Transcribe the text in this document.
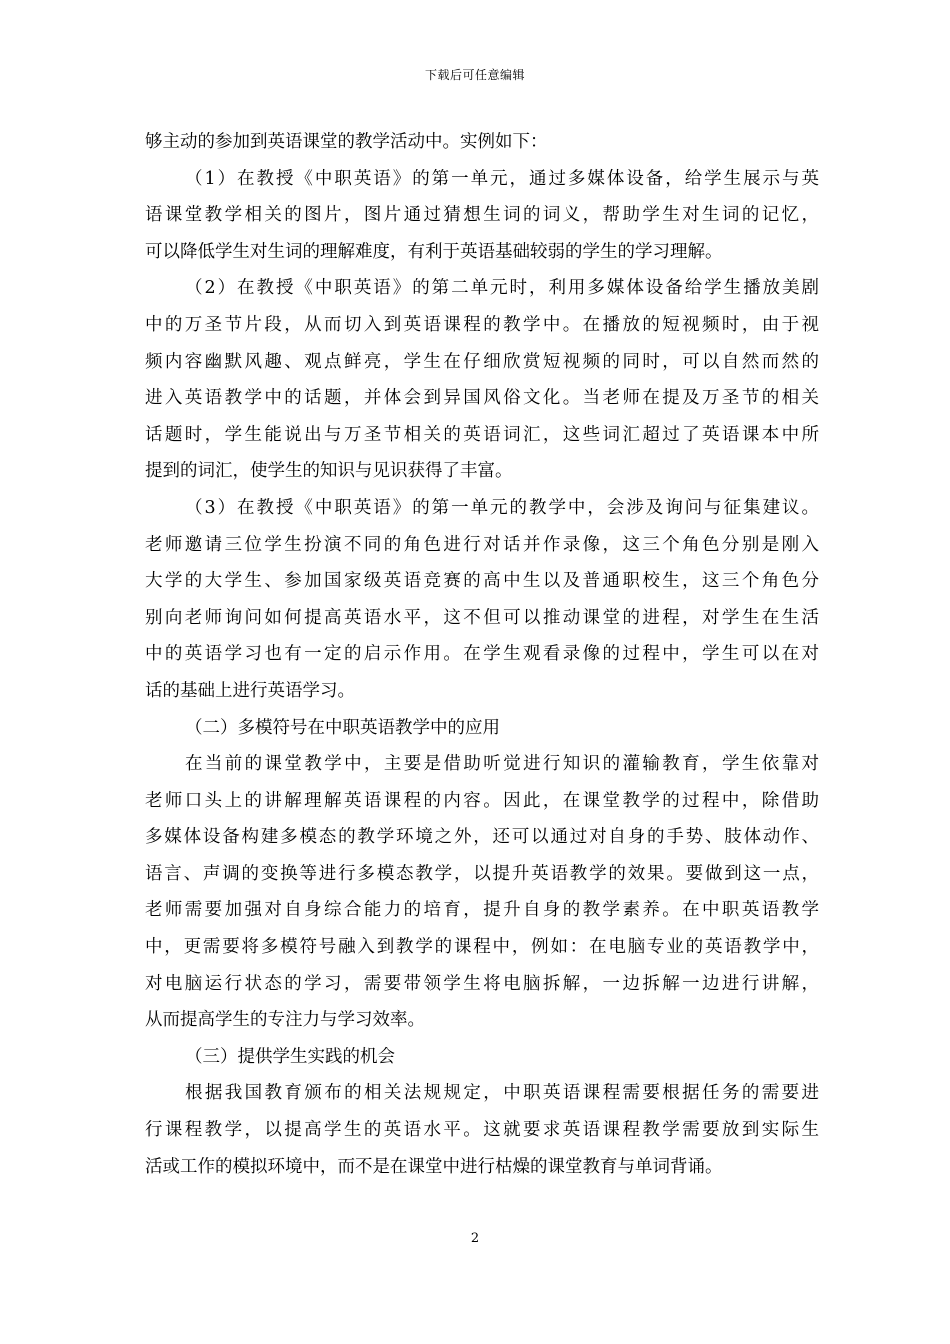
下载后可任意编辑
够主动的参加到英语课堂的教学活动中。实例如下：
（1）在教授《中职英语》的第一单元，通过多媒体设备，给学生展示与英
语课堂教学相关的图片，图片通过猜想生词的词义，帮助学生对生词的记忆，
可以降低学生对生词的理解难度，有利于英语基础较弱的学生的学习理解。
（2）在教授《中职英语》的第二单元时，利用多媒体设备给学生播放美剧
中的万圣节片段，从而切入到英语课程的教学中。在播放的短视频时，由于视
频内容幽默风趣、观点鲜亮，学生在仔细欣赏短视频的同时，可以自然而然的
进入英语教学中的话题，并体会到异国风俗文化。当老师在提及万圣节的相关
话题时，学生能说出与万圣节相关的英语词汇，这些词汇超过了英语课本中所
提到的词汇，使学生的知识与见识获得了丰富。
（3）在教授《中职英语》的第一单元的教学中，会涉及询问与征集建议。
老师邀请三位学生扮演不同的角色进行对话并作录像，这三个角色分别是刚入
大学的大学生、参加国家级英语竞赛的高中生以及普通职校生，这三个角色分
别向老师询问如何提高英语水平，这不但可以推动课堂的进程，对学生在生活
中的英语学习也有一定的启示作用。在学生观看录像的过程中，学生可以在对
话的基础上进行英语学习。
（二）多模符号在中职英语教学中的应用
在当前的课堂教学中，主要是借助听觉进行知识的灌输教育，学生依靠对
老师口头上的讲解理解英语课程的内容。因此，在课堂教学的过程中，除借助
多媒体设备构建多模态的教学环境之外，还可以通过对自身的手势、肢体动作、
语言、声调的变换等进行多模态教学，以提升英语教学的效果。要做到这一点，
老师需要加强对自身综合能力的培育，提升自身的教学素养。在中职英语教学
中，更需要将多模符号融入到教学的课程中，例如：在电脑专业的英语教学中，
对电脑运行状态的学习，需要带领学生将电脑拆解，一边拆解一边进行讲解，
从而提高学生的专注力与学习效率。
（三）提供学生实践的机会
根据我国教育颁布的相关法规规定，中职英语课程需要根据任务的需要进
行课程教学，以提高学生的英语水平。这就要求英语课程教学需要放到实际生
活或工作的模拟环境中，而不是在课堂中进行枯燥的课堂教育与单词背诵。
2
